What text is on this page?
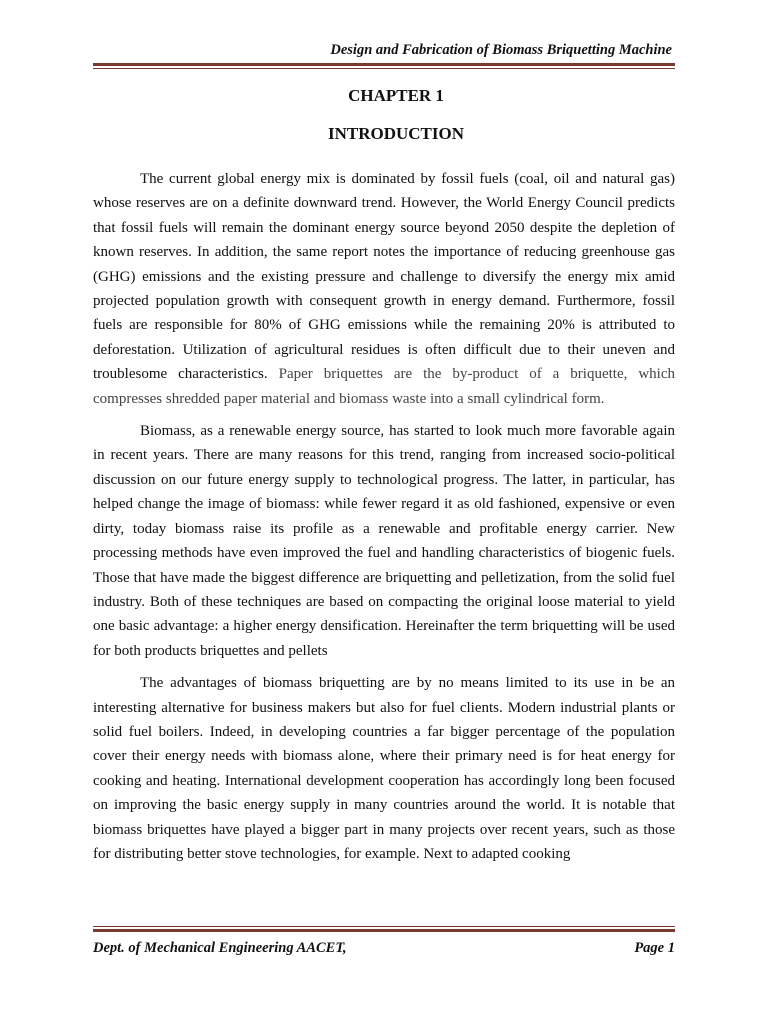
Design and Fabrication of Biomass Briquetting Machine
CHAPTER 1
INTRODUCTION

The current global energy mix is dominated by fossil fuels (coal, oil and natural gas) whose reserves are on a definite downward trend. However, the World Energy Council predicts that fossil fuels will remain the dominant energy source beyond 2050 despite the depletion of known reserves. In addition, the same report notes the importance of reducing greenhouse gas (GHG) emissions and the existing pressure and challenge to diversify the energy mix amid projected population growth with consequent growth in energy demand. Furthermore, fossil fuels are responsible for 80% of GHG emissions while the remaining 20% is attributed to deforestation. Utilization of agricultural residues is often difficult due to their uneven and troublesome characteristics. Paper briquettes are the by-product of a briquette, which compresses shredded paper material and biomass waste into a small cylindrical form.

Biomass, as a renewable energy source, has started to look much more favorable again in recent years. There are many reasons for this trend, ranging from increased socio-political discussion on our future energy supply to technological progress. The latter, in particular, has helped change the image of biomass: while fewer regard it as old fashioned, expensive or even dirty, today biomass raise its profile as a renewable and profitable energy carrier. New processing methods have even improved the fuel and handling characteristics of biogenic fuels. Those that have made the biggest difference are briquetting and pelletization, from the solid fuel industry. Both of these techniques are based on compacting the original loose material to yield one basic advantage: a higher energy densification. Hereinafter the term briquetting will be used for both products briquettes and pellets

The advantages of biomass briquetting are by no means limited to its use in be an interesting alternative for business makers but also for fuel clients. Modern industrial plants or solid fuel boilers. Indeed, in developing countries a far bigger percentage of the population cover their energy needs with biomass alone, where their primary need is for heat energy for cooking and heating. International development cooperation has accordingly long been focused on improving the basic energy supply in many countries around the world. It is notable that biomass briquettes have played a bigger part in many projects over recent years, such as those for distributing better stove technologies, for example. Next to adapted cooking

Dept. of Mechanical Engineering AACET,	Page 1
